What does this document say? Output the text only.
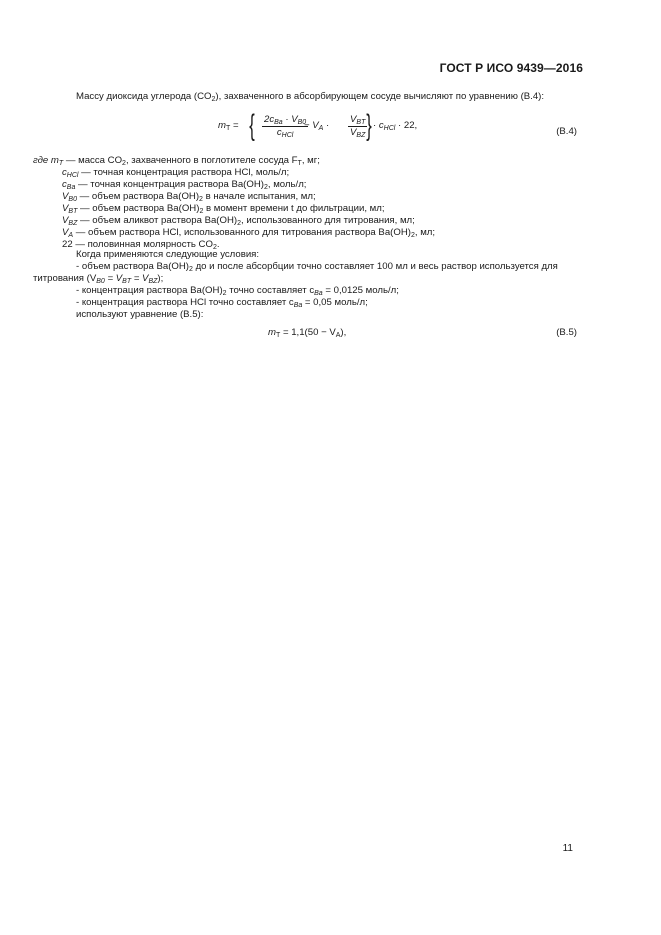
ГОСТ Р ИСО 9439—2016
Массу диоксида углерода $(CO_2)$, захваченного в абсорбирующем сосуде вычисляют по уравнению (В.4):
$m_T$ = { $2c_{Ba} \cdot V_{B0}$
$c_{HCl}$
− $V_A$ ·
$V_{BT}$
$V_{BZ}$ } · $c_{HCl} \cdot 22$,
(B.4)
где $m_T$ — масса $CO_2$, захваченного в поглотителе сосуда $F_T$, мг;
$c_{HCl}$ — точная концентрация раствора HCl, моль/л;
$c_{Ba}$ — точная концентрация раствора $Ba(OH)_2$, моль/л;
$V_{B0}$ — объем раствора $Ba(OH)_2$ в начале испытания, мл;
$V_{BT}$ — объем раствора $Ba(OH)_2$ в момент времени t до фильтрации, мл;
$V_{BZ}$ — объем аликвот раствора $Ba(OH)_2$, использованного для титрования, мл;
$V_A$ — объем раствора HCl, использованного для титрования раствора $Ba(OH)_2$, мл;
22 — половинная молярность $CO_2$.
Когда применяются следующие условия:
- объем раствора $Ba(OH)_2$ до и после абсорбции точно составляет 100 мл и весь раствор используется для
титрования $(V_{B0} = V_{BT} = V_{BZ})$;
- концентрация раствора $Ba(OH)_2$ точно составляет $c_{Ba} = 0,0125$ моль/л;
- концентрация раствора HCl точно составляет $c_{Ba} = 0,05$ моль/л;
используют уравнение (В.5):
$m_T = 1,1(50 - V_A)$,	(B.5)
11
